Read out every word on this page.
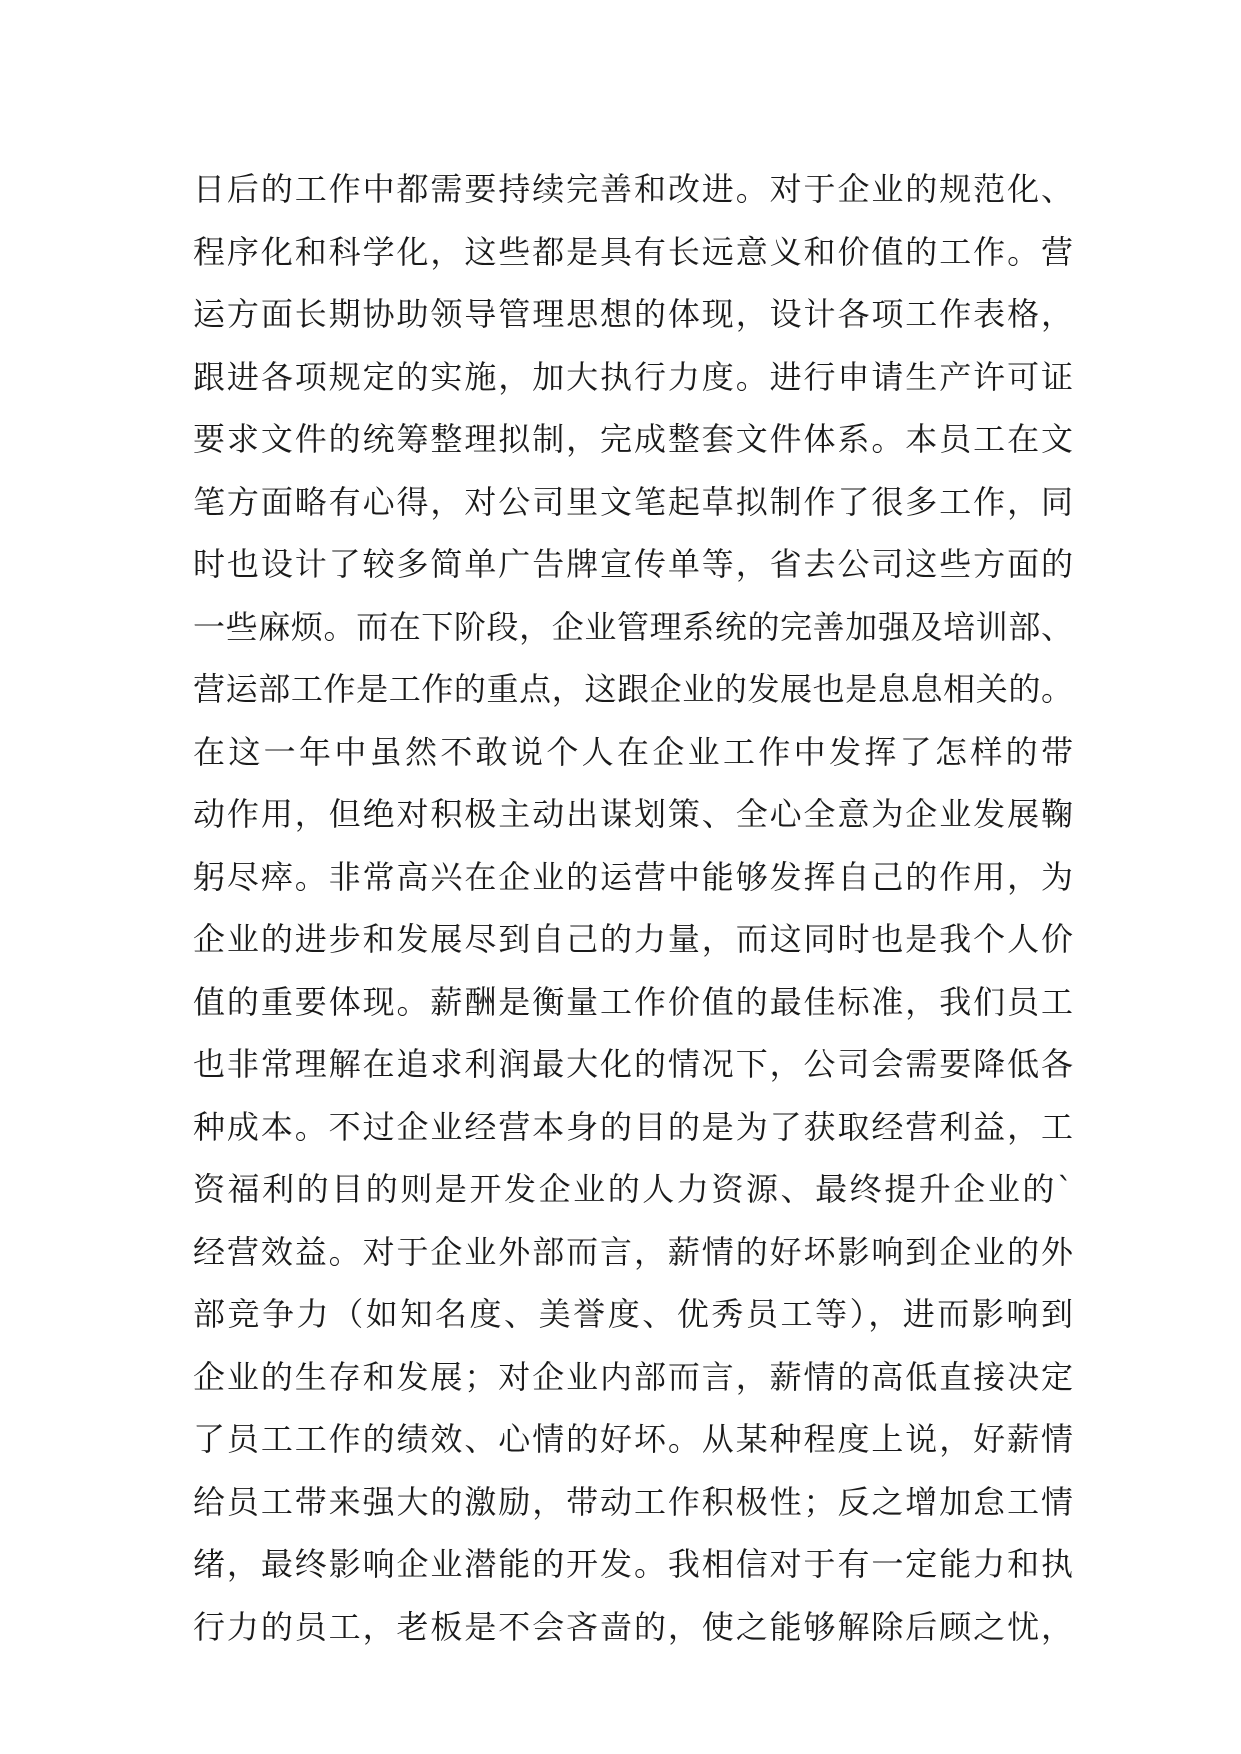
日后的工作中都需要持续完善和改进。对于企业的规范化、
程序化和科学化，这些都是具有长远意义和价值的工作。营
运方面长期协助领导管理思想的体现，设计各项工作表格，
跟进各项规定的实施，加大执行力度。进行申请生产许可证
要求文件的统筹整理拟制，完成整套文件体系。本员工在文
笔方面略有心得，对公司里文笔起草拟制作了很多工作，同
时也设计了较多简单广告牌宣传单等，省去公司这些方面的
一些麻烦。而在下阶段，企业管理系统的完善加强及培训部、
营运部工作是工作的重点，这跟企业的发展也是息息相关的。
在这一年中虽然不敢说个人在企业工作中发挥了怎样的带
动作用，但绝对积极主动出谋划策、全心全意为企业发展鞠
躬尽瘁。非常高兴在企业的运营中能够发挥自己的作用，为
企业的进步和发展尽到自己的力量，而这同时也是我个人价
值的重要体现。薪酬是衡量工作价值的最佳标准，我们员工
也非常理解在追求利润最大化的情况下，公司会需要降低各
种成本。不过企业经营本身的目的是为了获取经营利益，工
资福利的目的则是开发企业的人力资源、最终提升企业的`
经营效益。对于企业外部而言，薪情的好坏影响到企业的外
部竞争力（如知名度、美誉度、优秀员工等），进而影响到
企业的生存和发展；对企业内部而言，薪情的高低直接决定
了员工工作的绩效、心情的好坏。从某种程度上说，好薪情
给员工带来强大的激励，带动工作积极性；反之增加怠工情
绪，最终影响企业潜能的开发。我相信对于有一定能力和执
行力的员工，老板是不会吝啬的，使之能够解除后顾之忧，
